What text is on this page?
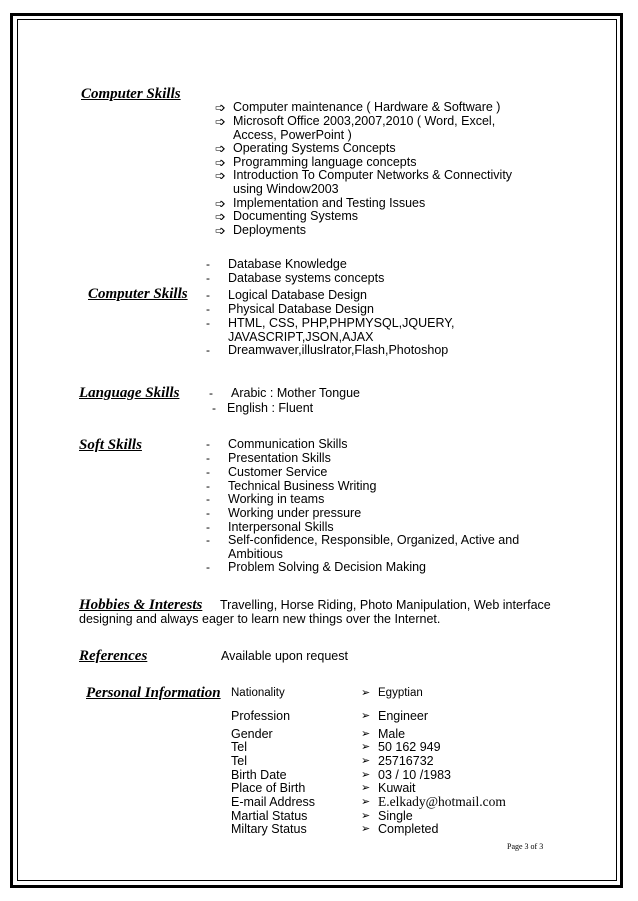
Computer Skills
➩ Computer maintenance ( Hardware & Software )
➩ Microsoft Office 2003,2007,2010 ( Word, Excel,
Access, PowerPoint )
➩ Operating Systems Concepts
➩ Programming language concepts
➩ Introduction To Computer Networks & Connectivity
using Window2003
➩ Implementation and Testing Issues
➩ Documenting Systems
➩ Deployments
Computer Skills
- Database Knowledge
- Database systems concepts
- Logical Database Design
- Physical Database Design
- HTML, CSS, PHP,PHPMYSQL,JQUERY,
JAVASCRIPT,JSON,AJAX
- Dreamwaver,illuslrator,Flash,Photoshop
Language Skills - Arabic : Mother Tongue
- English : Fluent
Soft Skills	- Communication Skills
- Presentation Skills
- Customer Service
- Technical Business Writing
- Working in teams
- Working under pressure
- Interpersonal Skills
- Self-confidence, Responsible, Organized, Active and
Ambitious
- Problem Solving & Decision Making
Hobbies & Interests Travelling, Horse Riding, Photo Manipulation, Web interface
designing and always eager to learn new things over the Internet.
References	Available upon request
Personal Information Nationality	➢ Egyptian
Profession	➢ Engineer
Gender	➢ Male
Tel	➢ 50 162 949
Tel	➢ 25716732
Birth Date	➢ 03 / 10 /1983
Place of Birth	➢ Kuwait
E-mail Address	➢ E.elkady@hotmail.com
Martial Status	➢ Single
Miltary Status	➢ Completed
Page 3 of 3
